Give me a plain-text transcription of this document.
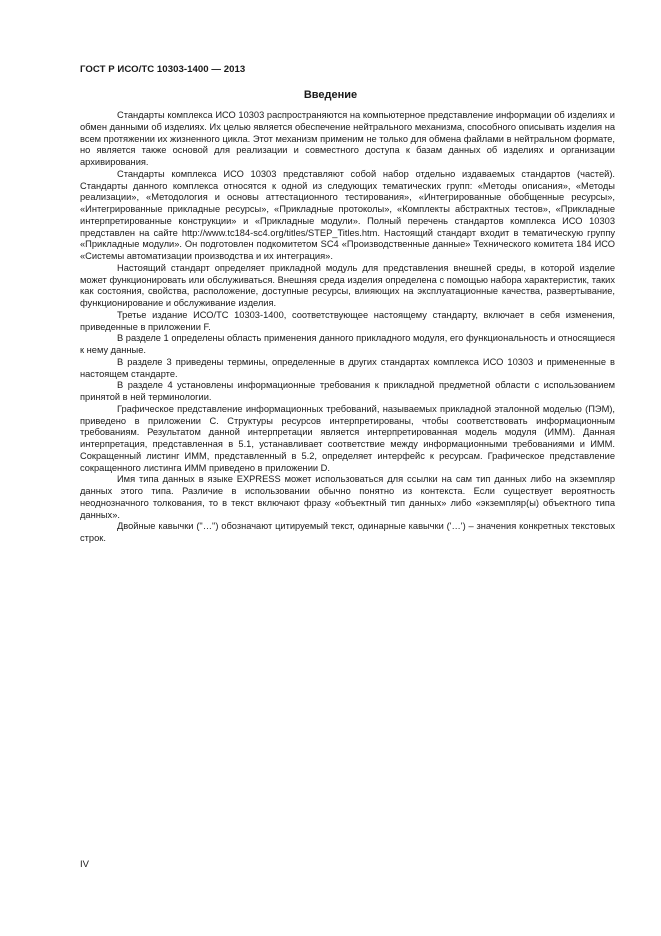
ГОСТ Р ИСО/ТС 10303-1400 — 2013
Введение

Стандарты комплекса ИСО 10303 распространяются на компьютерное представление информации об изделиях и обмен данными об изделиях. Их целью является обеспечение нейтрального механизма, способного описывать изделия на всем протяжении их жизненного цикла. Этот механизм применим не только для обмена файлами в нейтральном формате, но является также основой для реализации и совместного доступа к базам данных об изделиях и организации архивирования.

Стандарты комплекса ИСО 10303 представляют собой набор отдельно издаваемых стандартов (частей). Стандарты данного комплекса относятся к одной из следующих тематических групп: «Методы описания», «Методы реализации», «Методология и основы аттестационного тестирования», «Интегрированные обобщенные ресурсы», «Интегрированные прикладные ресурсы», «Прикладные протоколы», «Комплекты абстрактных тестов», «Прикладные интерпретированные конструкции» и «Прикладные модули». Полный перечень стандартов комплекса ИСО 10303 представлен на сайте http://www.tc184-sc4.org/titles/STEP_Titles.htm. Настоящий стандарт входит в тематическую группу «Прикладные модули». Он подготовлен подкомитетом SC4 «Производственные данные» Технического комитета 184 ИСО «Системы автоматизации производства и их интеграция».

Настоящий стандарт определяет прикладной модуль для представления внешней среды, в которой изделие может функционировать или обслуживаться. Внешняя среда изделия определена с помощью набора характеристик, таких как состояния, свойства, расположение, доступные ресурсы, влияющих на эксплуатационные качества, развертывание, функционирование и обслуживание изделия.

Третье издание ИСО/ТС 10303-1400, соответствующее настоящему стандарту, включает в себя изменения, приведенные в приложении F.

В разделе 1 определены область применения данного прикладного модуля, его функциональность и относящиеся к нему данные.

В разделе 3 приведены термины, определенные в других стандартах комплекса ИСО 10303 и примененные в настоящем стандарте.

В разделе 4 установлены информационные требования к прикладной предметной области с использованием принятой в ней терминологии.

Графическое представление информационных требований, называемых прикладной эталонной моделью (ПЭМ), приведено в приложении С. Структуры ресурсов интерпретированы, чтобы соответствовать информационным требованиям. Результатом данной интерпретации является интерпретированная модель модуля (ИММ). Данная интерпретация, представленная в 5.1, устанавливает соответствие между информационными требованиями и ИММ. Сокращенный листинг ИММ, представленный в 5.2, определяет интерфейс к ресурсам. Графическое представление сокращенного листинга ИММ приведено в приложении D.

Имя типа данных в языке EXPRESS может использоваться для ссылки на сам тип данных либо на экземпляр данных этого типа. Различие в использовании обычно понятно из контекста. Если существует вероятность неоднозначного толкования, то в текст включают фразу «объектный тип данных» либо «экземпляр(ы) объектного типа данных».

Двойные кавычки ("…") обозначают цитируемый текст, одинарные кавычки ('…') – значения конкретных текстовых строк.

IV
